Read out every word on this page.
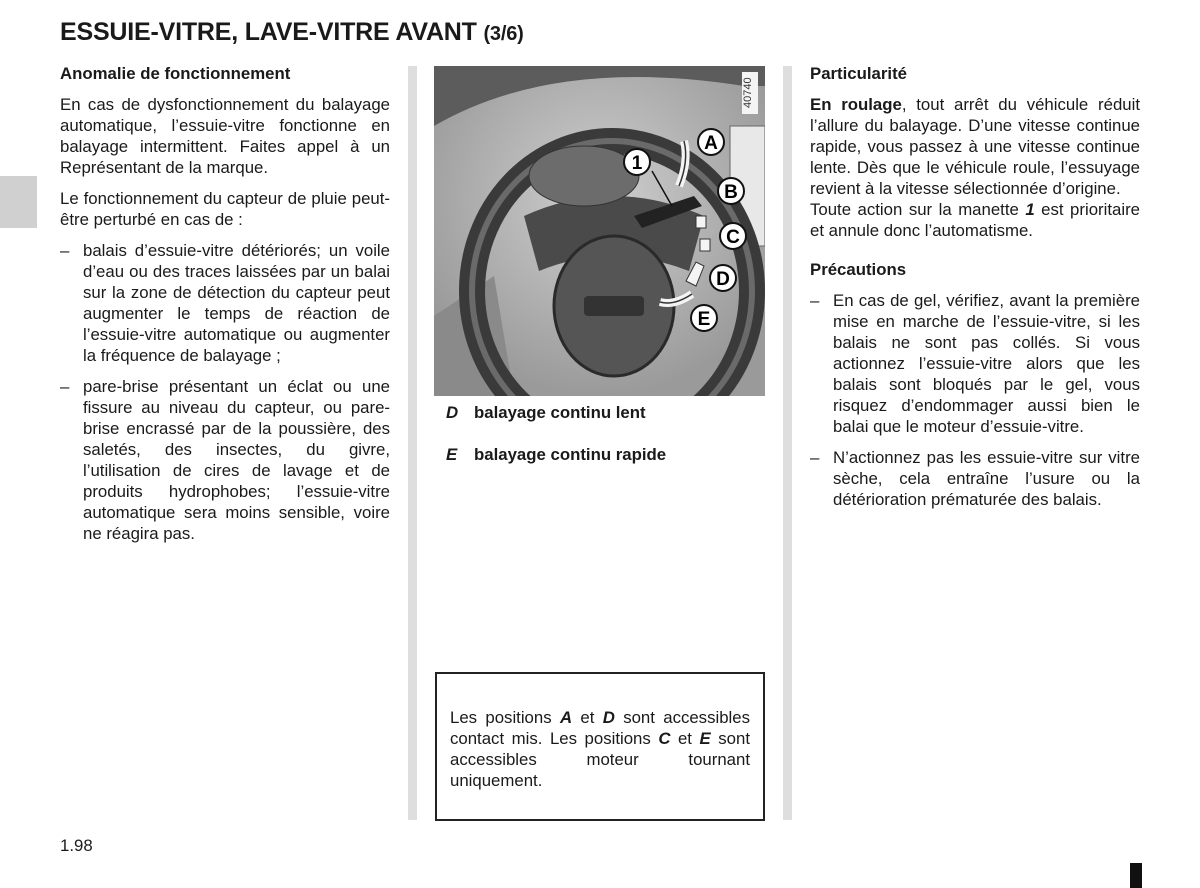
ESSUIE-VITRE, LAVE-VITRE AVANT (3/6)
Anomalie de fonctionnement

En cas de dysfonctionnement du balayage automatique, l’essuie-vitre fonctionne en balayage intermittent. Faites appel à un Représentant de la marque.

Le fonctionnement du capteur de pluie peut-être perturbé en cas de :

– balais d’essuie-vitre détériorés; un voile d’eau ou des traces laissées par un balai sur la zone de détection du capteur peut augmenter le temps de réaction de l’essuie-vitre automatique ou augmenter la fréquence de balayage ;
– pare-brise présentant un éclat ou une fissure au niveau du capteur, ou pare-brise encrassé par de la poussière, des saletés, des insectes, du givre, l’utilisation de cires de lavage et de produits hydrophobes; l’essuie-vitre automatique sera moins sensible, voire ne réagira pas.
1
A
B
C
D
E
40740
D balayage continu lent
E balayage continu rapide
Les positions A et D sont accessibles contact mis. Les positions C et E sont accessibles moteur tournant uniquement.
Particularité

En roulage, tout arrêt du véhicule réduit l’allure du balayage. D’une vitesse continue rapide, vous passez à une vitesse continue lente. Dès que le véhicule roule, l’essuyage revient à la vitesse sélectionnée d’origine.

Toute action sur la manette 1 est prioritaire et annule donc l’automatisme.

Précautions
– En cas de gel, vérifiez, avant la première mise en marche de l’essuie-vitre, si les balais ne sont pas collés. Si vous actionnez l’essuie-vitre alors que les balais sont bloqués par le gel, vous risquez d’endommager aussi bien le balai que le moteur d’essuie-vitre.
– N’actionnez pas les essuie-vitre sur vitre sèche, cela entraîne l’usure ou la détérioration prématurée des balais.
1.98
